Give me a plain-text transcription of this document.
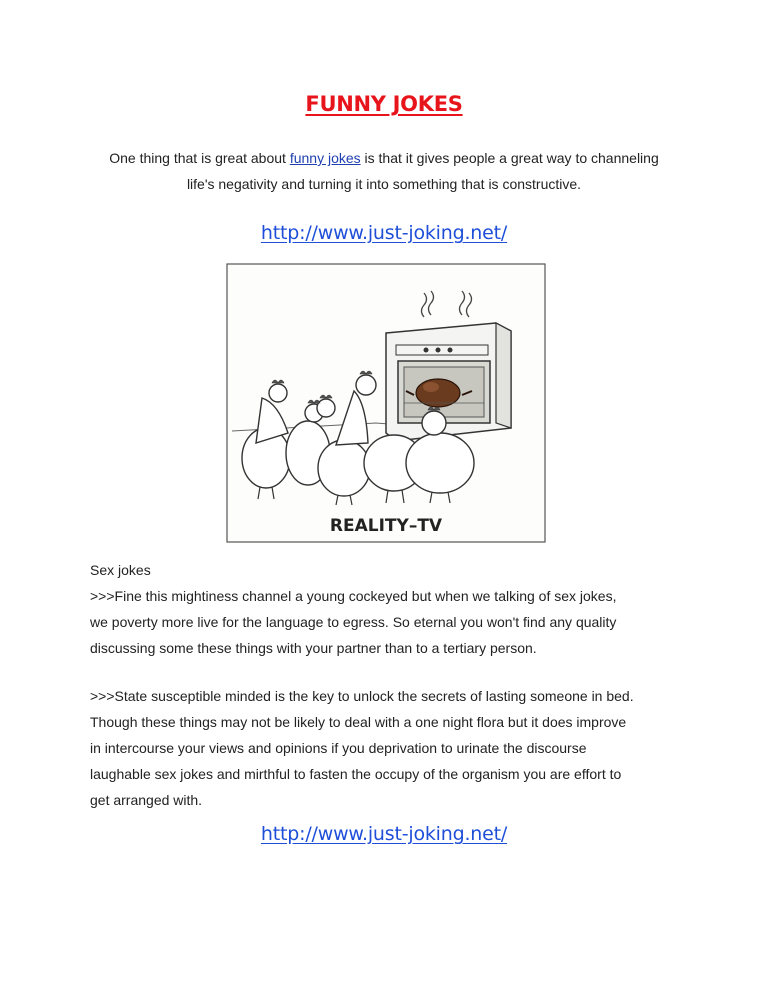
FUNNY JOKES
One thing that is great about funny jokes is that it gives people a great way to channeling life's negativity and turning it into something that is constructive.
http://www.just-joking.net/
REALITY–TV

Sex jokes

>>>Fine this mightiness channel a young cockeyed but when we talking of sex jokes,

we poverty more live for the language to egress. So eternal you won't find any quality

discussing some these things with your partner than to a tertiary person.

>>>State susceptible minded is the key to unlock the secrets of lasting someone in bed.

Though these things may not be likely to deal with a one night flora but it does improve

in intercourse your views and opinions if you deprivation to urinate the discourse

laughable sex jokes and mirthful to fasten the occupy of the organism you are effort to

get arranged with.

http://www.just-joking.net/
